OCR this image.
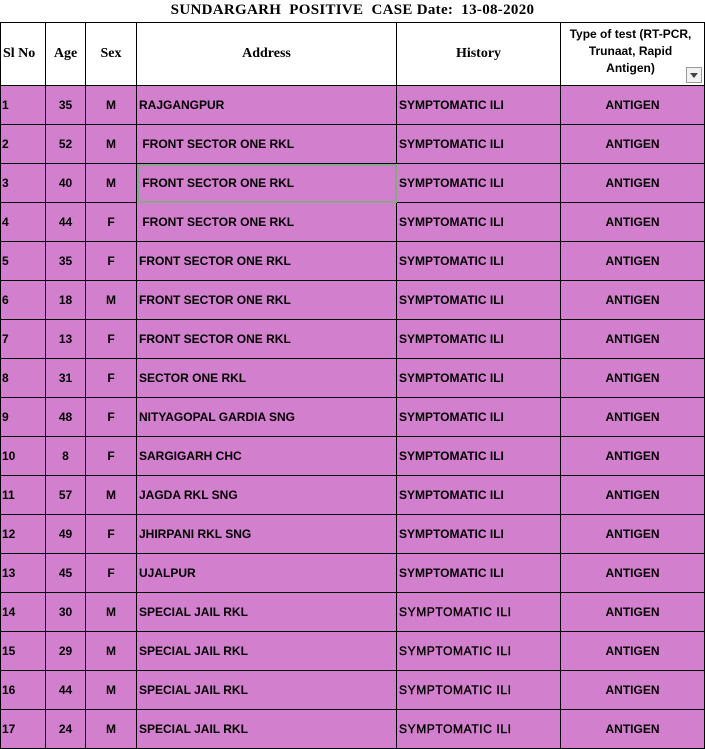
SUNDARGARH  POSITIVE  CASE Date:  13-08-2020
Sl No	Age	Sex	Address	History	Type of test (RT-PCR,
Trunaat, Rapid
Antigen)

1	35	M	RAJGANGPUR	SYMPTOMATIC ILI	ANTIGEN
2	52	M	FRONT SECTOR ONE RKL	SYMPTOMATIC ILI	ANTIGEN
3	40	M	FRONT SECTOR ONE RKL	SYMPTOMATIC ILI	ANTIGEN
4	44	F	FRONT SECTOR ONE RKL	SYMPTOMATIC ILI	ANTIGEN
5	35	F	FRONT SECTOR ONE RKL	SYMPTOMATIC ILI	ANTIGEN
6	18	M	FRONT SECTOR ONE RKL	SYMPTOMATIC ILI	ANTIGEN
7	13	F	FRONT SECTOR ONE RKL	SYMPTOMATIC ILI	ANTIGEN
8	31	F	SECTOR ONE RKL	SYMPTOMATIC ILI	ANTIGEN
9	48	F	NITYAGOPAL GARDIA SNG	SYMPTOMATIC ILI	ANTIGEN
10	8	F	SARGIGARH CHC	SYMPTOMATIC ILI	ANTIGEN
11	57	M	JAGDA RKL SNG	SYMPTOMATIC ILI	ANTIGEN
12	49	F	JHIRPANI RKL SNG	SYMPTOMATIC ILI	ANTIGEN
13	45	F	UJALPUR	SYMPTOMATIC ILI	ANTIGEN
14	30	M	SPECIAL JAIL RKL	SYMPTOMATIC ILI	ANTIGEN
15	29	M	SPECIAL JAIL RKL	SYMPTOMATIC ILI	ANTIGEN
16	44	M	SPECIAL JAIL RKL	SYMPTOMATIC ILI	ANTIGEN
17	24	M	SPECIAL JAIL RKL	SYMPTOMATIC ILI	ANTIGEN
